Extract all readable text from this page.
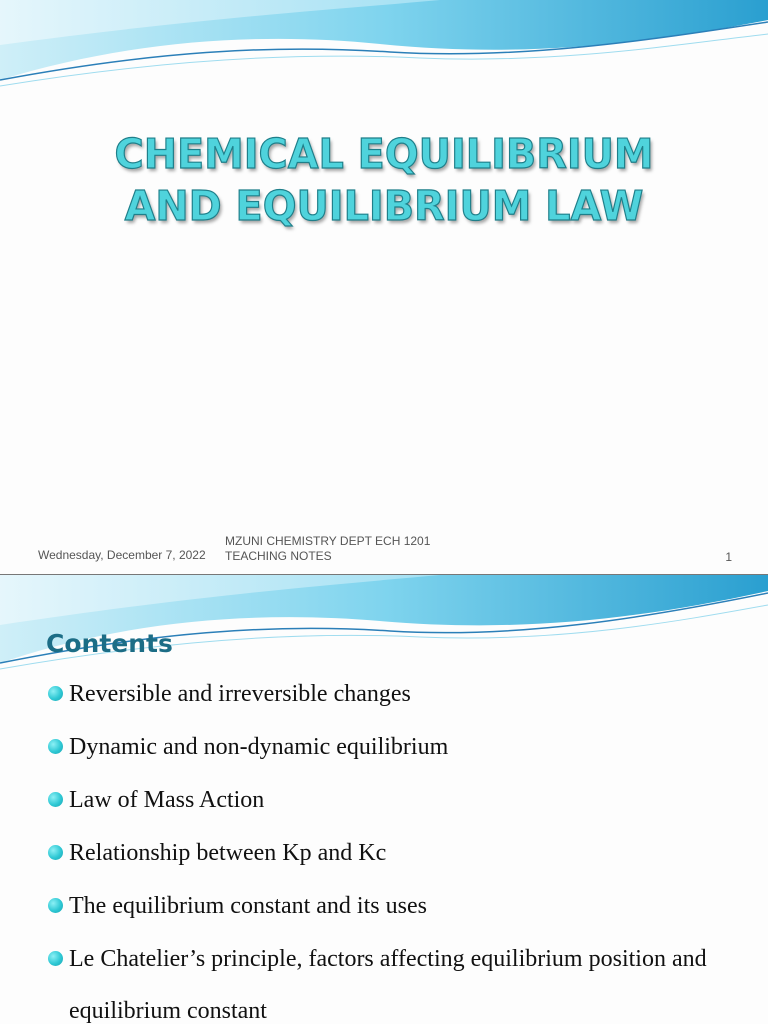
CHEMICAL EQUILIBRIUM
AND EQUILIBRIUM LAW
Wednesday, December 7, 2022
MZUNI CHEMISTRY DEPT ECH 1201 TEACHING NOTES	1
Contents
Reversible and irreversible changes
Dynamic and non-dynamic equilibrium
Law of Mass Action
Relationship between Kp and Kc
The equilibrium constant and its uses
Le Chatelier’s principle, factors affecting equilibrium position and equilibrium constant
